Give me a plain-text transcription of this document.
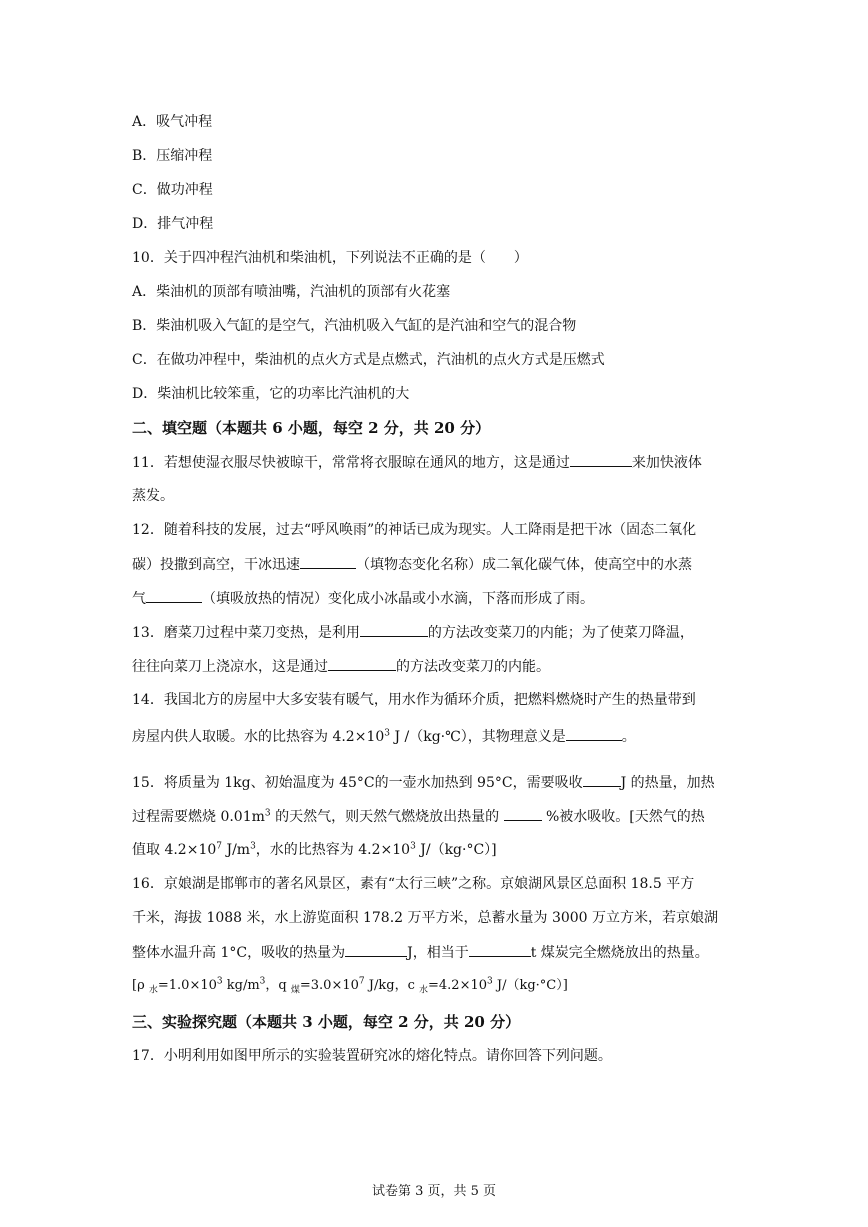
A．吸气冲程
B．压缩冲程
C．做功冲程
D．排气冲程
10．关于四冲程汽油机和柴油机，下列说法不正确的是（　　）
A．柴油机的顶部有喷油嘴，汽油机的顶部有火花塞
B．柴油机吸入气缸的是空气，汽油机吸入气缸的是汽油和空气的混合物
C．在做功冲程中，柴油机的点火方式是点燃式，汽油机的点火方式是压燃式
D．柴油机比较笨重，它的功率比汽油机的大
二、填空题（本题共 6 小题，每空 2 分，共 20 分）
11．若想使湿衣服尽快被晾干，常常将衣服晾在通风的地方，这是通过	来加快液体
蒸发。
12．随着科技的发展，过去“呼风唤雨”的神话已成为现实。人工降雨是把干冰（固态二氧化
碳）投撒到高空，干冰迅速	（填物态变化名称）成二氧化碳气体，使高空中的水蒸
气	（填吸放热的情况）变化成小冰晶或小水滴，下落而形成了雨。
13．磨菜刀过程中菜刀变热，是利用	的方法改变菜刀的内能；为了使菜刀降温，
往往向菜刀上浇凉水，这是通过	的方法改变菜刀的内能。
14．我国北方的房屋中大多安装有暖气，用水作为循环介质，把燃料燃烧时产生的热量带到
房屋内供人取暖。水的比热容为 $4.2\times 10^3$ J /（kg·℃），其物理意义是	。
15．将质量为 1kg、初始温度为 45°C的一壶水加热到 95°C，需要吸收	J 的热量，加热
过程需要燃烧 $0.01m^3$ 的天然气，则天然气燃烧放出热量的	%被水吸收。[天然气的热
值取 $4.2\times 10^7$ $J/m^3$，水的比热容为 $4.2\times 10^3$ J/（kg·°C）]
16．京娘湖是邯郸市的著名风景区，素有“太行三峡”之称。京娘湖风景区总面积 18.5 平方
千米，海拔 1088 米，水上游览面积 178.2 万平方米，总蓄水量为 3000 万立方米，若京娘湖
整体水温升高 1°C，吸收的热量为	J，相当于	t 煤炭完全燃烧放出的热量。
[ρ $_水=1.0\times 10^3$ $kg/m^3$，q $_煤=3.0\times 10^7$ J/kg，c $_水=4.2\times 10^3$ J/（kg·°C）]
三、实验探究题（本题共 3 小题，每空 2 分，共 20 分）
17．小明利用如图甲所示的实验装置研究冰的熔化特点。请你回答下列问题。
试卷第 3 页，共 5 页
